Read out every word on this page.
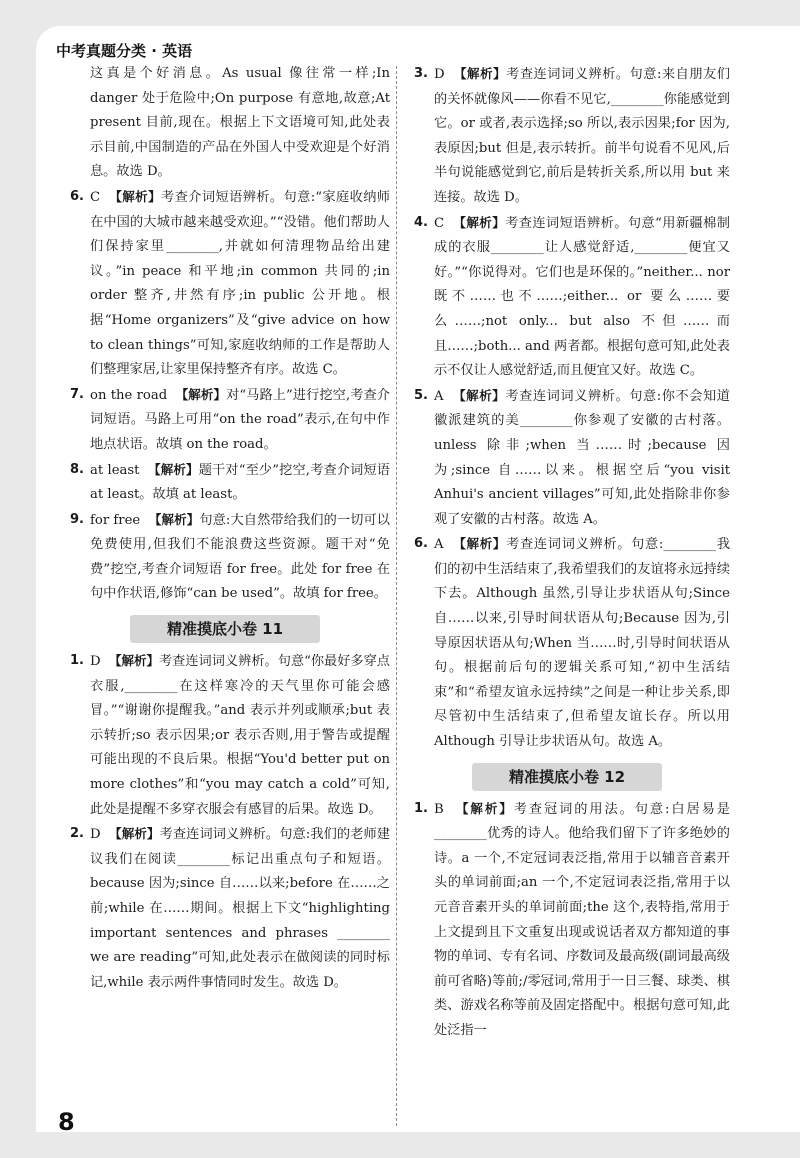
中考真题分类 · 英语
这真是个好消息。As usual 像往常一样;In danger 处于危险中;On purpose 有意地,故意;At present 目前,现在。根据上下文语境可知,此处表示目前,中国制造的产品在外国人中受欢迎是个好消息。故选 D。
6. C 【解析】考查介词短语辨析。句意:“家庭收纳师在中国的大城市越来越受欢迎。”“没错。他们帮助人们保持家里________,并就如何清理物品给出建议。”in peace 和平地;in common 共同的;in order 整齐,井然有序;in public 公开地。根据“Home organizers”及“give advice on how to clean things”可知,家庭收纳师的工作是帮助人们整理家居,让家里保持整齐有序。故选 C。
7. on the road 【解析】对“马路上”进行挖空,考查介词短语。马路上可用“on the road”表示,在句中作地点状语。故填 on the road。
8. at least 【解析】题干对“至少”挖空,考查介词短语 at least。故填 at least。
9. for free 【解析】句意:大自然带给我们的一切可以免费使用,但我们不能浪费这些资源。题干对“免费”挖空,考查介词短语 for free。此处 for free 在句中作状语,修饰“can be used”。故填 for free。
精准摸底小卷 11
1. D 【解析】考查连词词义辨析。句意“你最好多穿点衣服,________在这样寒冷的天气里你可能会感冒。”“谢谢你提醒我。”and 表示并列或顺承;but 表示转折;so 表示因果;or 表示否则,用于警告或提醒可能出现的不良后果。根据“You'd better put on more clothes”和“you may catch a cold”可知,此处是提醒不多穿衣服会有感冒的后果。故选 D。
2. D 【解析】考查连词词义辨析。句意:我们的老师建议我们在阅读________标记出重点句子和短语。because 因为;since 自……以来;before 在……之前;while 在……期间。根据上下文“highlighting important sentences and phrases ________ we are reading”可知,此处表示在做阅读的同时标记,while 表示两件事情同时发生。故选 D。
3. D 【解析】考查连词词义辨析。句意:来自朋友们的关怀就像风——你看不见它,________你能感觉到它。or 或者,表示选择;so 所以,表示因果;for 因为,表原因;but 但是,表示转折。前半句说看不见风,后半句说能感觉到它,前后是转折关系,所以用 but 来连接。故选 D。
4. C 【解析】考查连词短语辨析。句意“用新疆棉制成的衣服________让人感觉舒适,________便宜又好。”“你说得对。它们也是环保的。”neither... nor 既不……也不……;either... or 要么……要么……;not only... but also 不但……而且……;both... and 两者都。根据句意可知,此处表示不仅让人感觉舒适,而且便宜又好。故选 C。
5. A 【解析】考查连词词义辨析。句意:你不会知道徽派建筑的美________你参观了安徽的古村落。unless 除非;when 当……时;because 因为;since 自……以来。根据空后“you visit Anhui's ancient villages”可知,此处指除非你参观了安徽的古村落。故选 A。
6. A 【解析】考查连词词义辨析。句意:________我们的初中生活结束了,我希望我们的友谊将永远持续下去。Although 虽然,引导让步状语从句;Since 自……以来,引导时间状语从句;Because 因为,引导原因状语从句;When 当……时,引导时间状语从句。根据前后句的逻辑关系可知,“初中生活结束”和“希望友谊永远持续”之间是一种让步关系,即尽管初中生活结束了,但希望友谊长存。所以用 Although 引导让步状语从句。故选 A。
精准摸底小卷 12
1. B 【解析】考查冠词的用法。句意:白居易是________优秀的诗人。他给我们留下了许多绝妙的诗。a 一个,不定冠词表泛指,常用于以辅音音素开头的单词前面;an 一个,不定冠词表泛指,常用于以元音音素开头的单词前面;the 这个,表特指,常用于上文提到且下文重复出现或说话者双方都知道的事物的单词、专有名词、序数词及最高级(副词最高级前可省略)等前;/零冠词,常用于一日三餐、球类、棋类、游戏名称等前及固定搭配中。根据句意可知,此处泛指一
8
